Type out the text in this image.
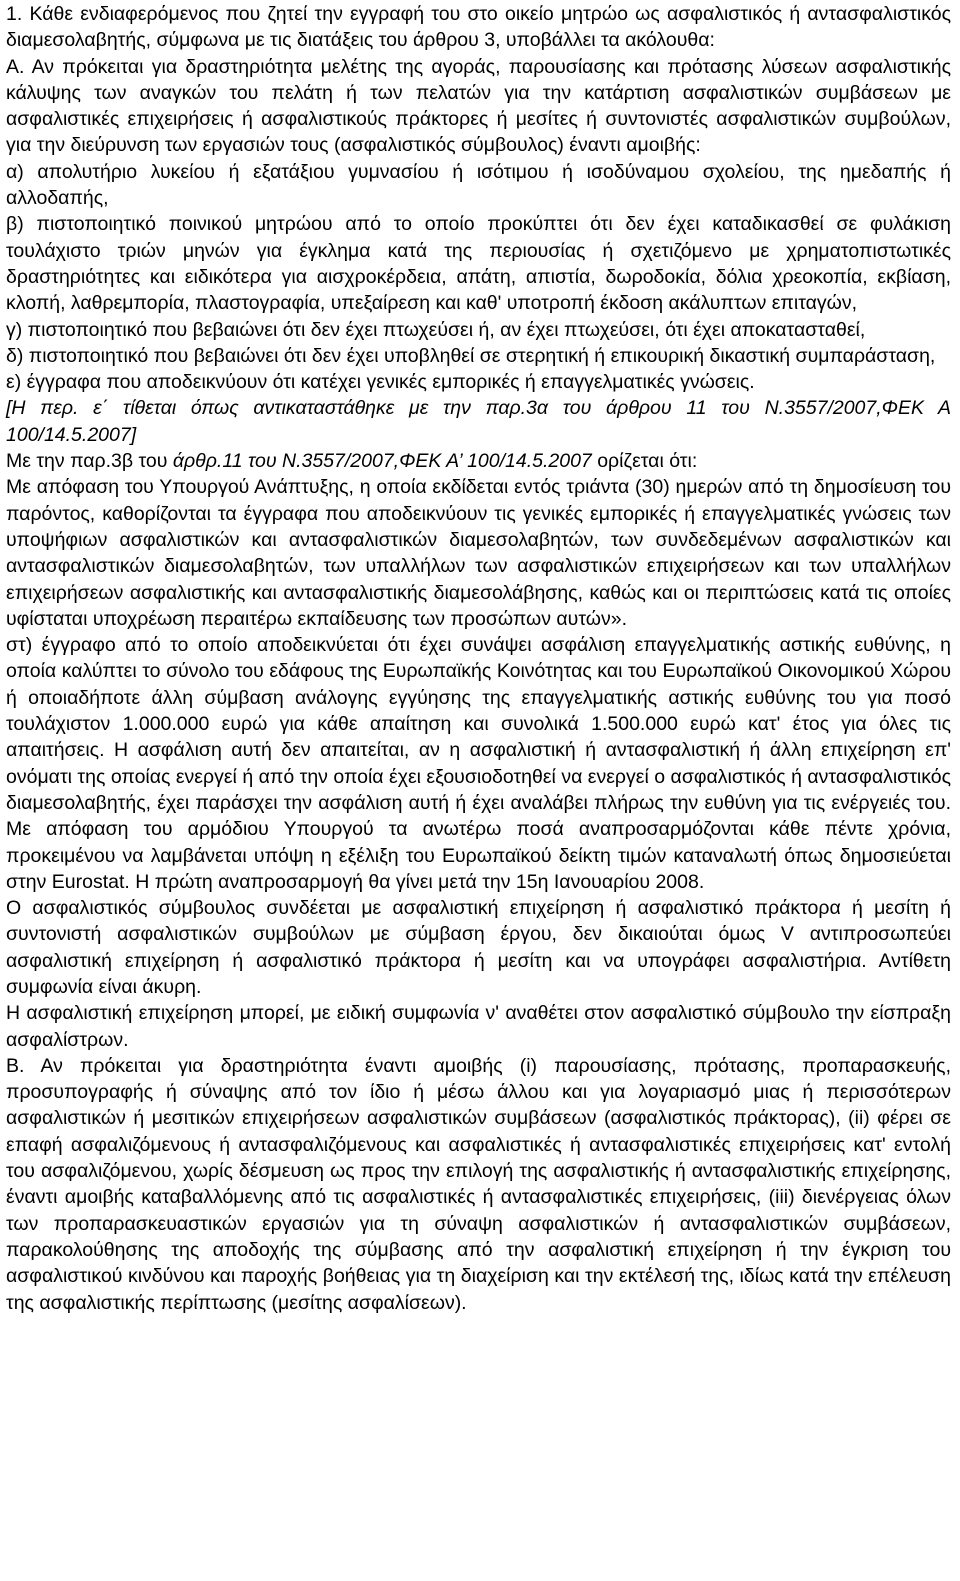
1. Κάθε ενδιαφερόμενος που ζητεί την εγγραφή του στο οικείο μητρώο ως ασφαλιστικός ή αντασφαλιστικός διαμεσολαβητής, σύμφωνα με τις διατάξεις του άρθρου 3, υποβάλλει τα ακόλουθα:

Α. Αν πρόκειται για δραστηριότητα μελέτης της αγοράς, παρουσίασης και πρότασης λύσεων ασφαλιστικής κάλυψης των αναγκών του πελάτη ή των πελατών για την κατάρτιση ασφαλιστικών συμβάσεων με ασφαλιστικές επιχειρήσεις ή ασφαλιστικούς πράκτορες ή μεσίτες ή συντονιστές ασφαλιστικών συμβούλων, για την διεύρυνση των εργασιών τους (ασφαλιστικός σύμβουλος) έναντι αμοιβής:

α) απολυτήριο λυκείου ή εξατάξιου γυμνασίου ή ισότιμου ή ισοδύναμου σχολείου, της ημεδαπής ή αλλοδαπής,

β) πιστοποιητικό ποινικού μητρώου από το οποίο προκύπτει ότι δεν έχει καταδικασθεί σε φυλάκιση τουλάχιστο τριών μηνών για έγκλημα κατά της περιουσίας ή σχετιζόμενο με χρηματοπιστωτικές δραστηριότητες και ειδικότερα για αισχροκέρδεια, απάτη, απιστία, δωροδοκία, δόλια χρεοκοπία, εκβίαση, κλοπή, λαθρεμπορία, πλαστογραφία, υπεξαίρεση και καθ' υποτροπή έκδοση ακάλυπτων επιταγών,

γ) πιστοποιητικό που βεβαιώνει ότι δεν έχει πτωχεύσει ή, αν έχει πτωχεύσει, ότι έχει αποκατασταθεί,

δ) πιστοποιητικό που βεβαιώνει ότι δεν έχει υποβληθεί σε στερητική ή επικουρική δικαστική συμπαράσταση,

ε) έγγραφα που αποδεικνύουν ότι κατέχει γενικές εμπορικές ή επαγγελματικές γνώσεις.

[Η περ. ε΄ τίθεται όπως αντικαταστάθηκε με την παρ.3α του άρθρου 11 του Ν.3557/2007,ΦΕΚ Α 100/14.5.2007]

Με την παρ.3β του άρθρ.11 του Ν.3557/2007,ΦΕΚ Α’ 100/14.5.2007 ορίζεται ότι:

Με απόφαση του Υπουργού Ανάπτυξης, η οποία εκδίδεται εντός τριάντα (30) ημερών από τη δημοσίευση του παρόντος, καθορίζονται τα έγγραφα που αποδεικνύουν τις γενικές εμπορικές ή επαγγελματικές γνώσεις των υποψήφιων ασφαλιστικών και αντασφαλιστικών διαμεσολαβητών, των συνδεδεμένων ασφαλιστικών και αντασφαλιστικών διαμεσολαβητών, των υπαλλήλων των ασφαλιστικών επιχειρήσεων και των υπαλλήλων επιχειρήσεων ασφαλιστικής και αντασφαλιστικής διαμεσολάβησης, καθώς και οι περιπτώσεις κατά τις οποίες υφίσταται υποχρέωση περαιτέρω εκπαίδευσης των προσώπων αυτών».

στ) έγγραφο από το οποίο αποδεικνύεται ότι έχει συνάψει ασφάλιση επαγγελματικής αστικής ευθύνης, η οποία καλύπτει το σύνολο του εδάφους της Ευρωπαϊκής Κοινότητας και του Ευρωπαϊκού Οικονομικού Χώρου ή οποιαδήποτε άλλη σύμβαση ανάλογης εγγύησης της επαγγελματικής αστικής ευθύνης του για ποσό τουλάχιστον 1.000.000 ευρώ για κάθε απαίτηση και συνολικά 1.500.000 ευρώ κατ' έτος για όλες τις απαιτήσεις. Η ασφάλιση αυτή δεν απαιτείται, αν η ασφαλιστική ή αντασφαλιστική ή άλλη επιχείρηση επ' ονόματι της οποίας ενεργεί ή από την οποία έχει εξουσιοδοτηθεί να ενεργεί ο ασφαλιστικός ή αντασφαλιστικός διαμεσολαβητής, έχει παράσχει την ασφάλιση αυτή ή έχει αναλάβει πλήρως την ευθύνη για τις ενέργειές του. Με απόφαση του αρμόδιου Υπουργού τα ανωτέρω ποσά αναπροσαρμόζονται κάθε πέντε χρόνια, προκειμένου να λαμβάνεται υπόψη η εξέλιξη του Ευρωπαϊκού δείκτη τιμών καταναλωτή όπως δημοσιεύεται στην Eurostat. Η πρώτη αναπροσαρμογή θα γίνει μετά την 15η Ιανουαρίου 2008.

Ο ασφαλιστικός σύμβουλος συνδέεται με ασφαλιστική επιχείρηση ή ασφαλιστικό πράκτορα ή μεσίτη ή συντονιστή ασφαλιστικών συμβούλων με σύμβαση έργου, δεν δικαιούται όμως V αντιπροσωπεύει ασφαλιστική επιχείρηση ή ασφαλιστικό πράκτορα ή μεσίτη και να υπογράφει ασφαλιστήρια. Αντίθετη συμφωνία είναι άκυρη.

Η ασφαλιστική επιχείρηση μπορεί, με ειδική συμφωνία ν' αναθέτει στον ασφαλιστικό σύμβουλο την είσπραξη ασφαλίστρων.

Β. Αν πρόκειται για δραστηριότητα έναντι αμοιβής (i) παρουσίασης, πρότασης, προπαρασκευής, προσυπογραφής ή σύναψης από τον ίδιο ή μέσω άλλου και για λογαριασμό μιας ή περισσότερων ασφαλιστικών ή μεσιτικών επιχειρήσεων ασφαλιστικών συμβάσεων (ασφαλιστικός πράκτορας), (ii) φέρει σε επαφή ασφαλιζόμενους ή αντασφαλιζόμενους και ασφαλιστικές ή αντασφαλιστικές επιχειρήσεις κατ' εντολή του ασφαλιζόμενου, χωρίς δέσμευση ως προς την επιλογή της ασφαλιστικής ή αντασφαλιστικής επιχείρησης, έναντι αμοιβής καταβαλλόμενης από τις ασφαλιστικές ή αντασφαλιστικές επιχειρήσεις, (iii) διενέργειας όλων των προπαρασκευαστικών εργασιών για τη σύναψη ασφαλιστικών ή αντασφαλιστικών συμβάσεων, παρακολούθησης της αποδοχής της σύμβασης από την ασφαλιστική επιχείρηση ή την έγκριση του ασφαλιστικού κινδύνου και παροχής βοήθειας για τη διαχείριση και την εκτέλεσή της, ιδίως κατά την επέλευση της ασφαλιστικής περίπτωσης (μεσίτης ασφαλίσεων).
